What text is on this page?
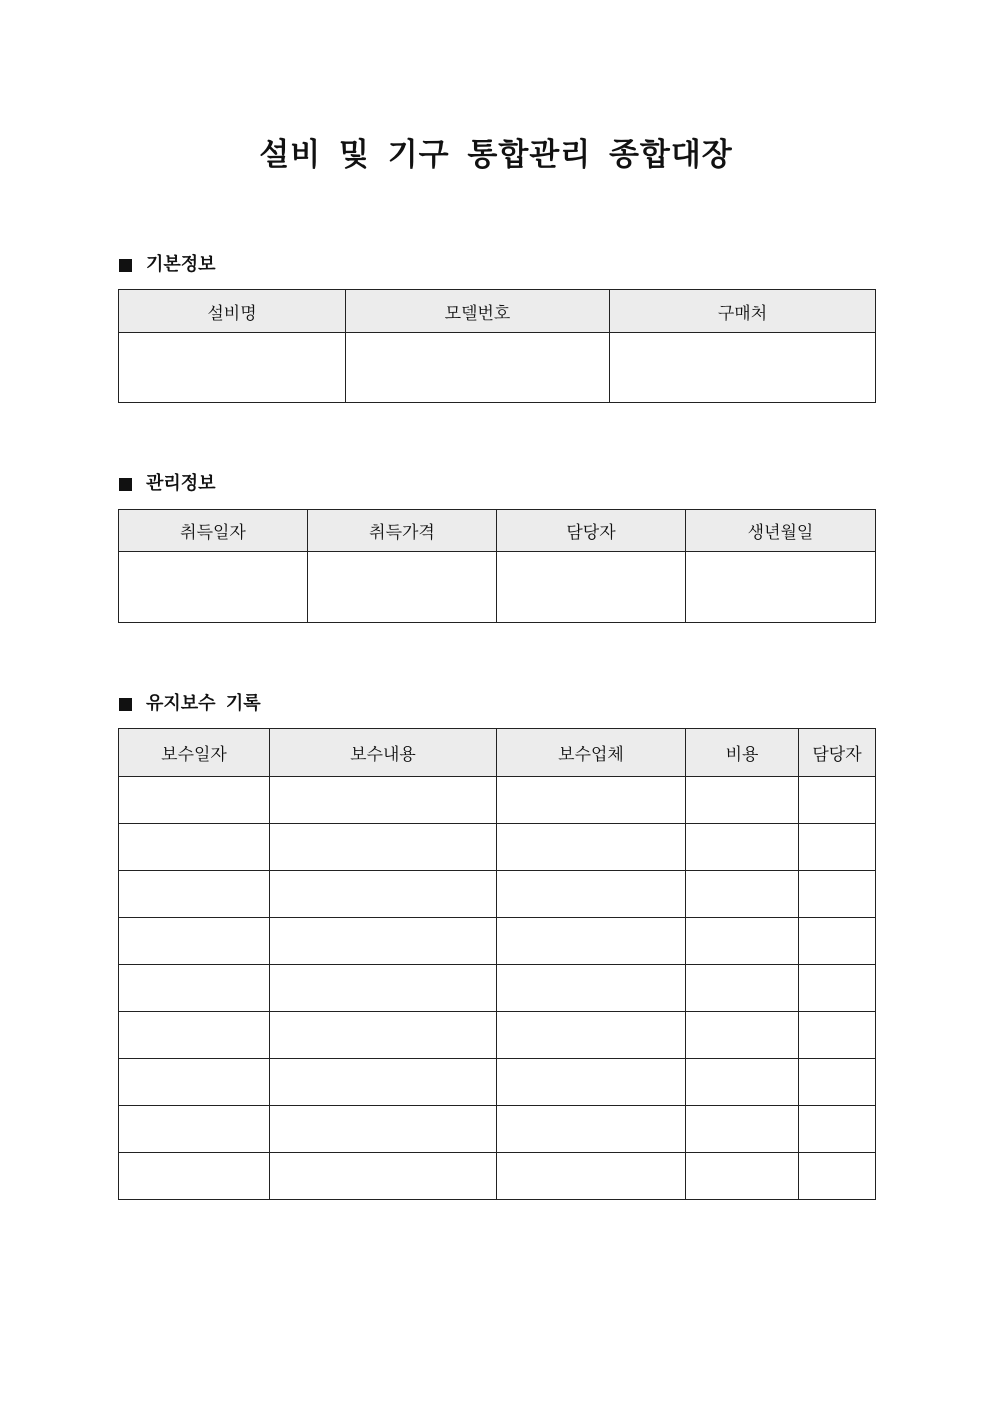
설비 및 기구 통합관리 종합대장
기본정보
설비명	모델번호	구매처

관리정보
취득일자	취득가격	담당자	생년월일

유지보수 기록
보수일자	보수내용	보수업체	비용	담당자
